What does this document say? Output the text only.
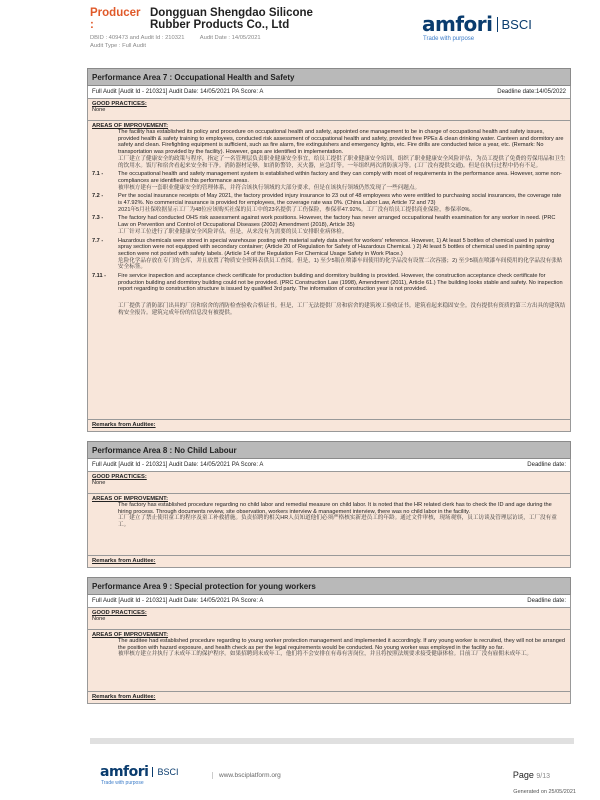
Producer :
Dongguan Shengdao Silicone
Rubber Products Co., Ltd
DBID : 409473 and Audit Id : 210321	Audit Date : 14/05/2021
Audit Type : Full Audit
amfori BSCI
Trade with purpose
Performance Area 7 : Occupational Health and Safety
Full Audit [Audit Id - 210321] Audit Date: 14/05/2021 PA Score: A	Deadline date:14/05/2022
GOOD PRACTICES:
None
AREAS OF IMPROVEMENT:
The facility has established its policy and procedure on occupational health and safety, appointed one management to be in charge of occupational health and safety issues, provided health & safety training to employees, conducted risk assessment of occupational health and safety, provided free PPEs & clean drinking water. Canteen and dormitory are safety and clean. Firefighting equipment is sufficient, such as fire alarm, fire extinguishers and emergency lights, etc. Fire drills are conducted twice a year, etc. (Remark: No transportation was provided by the facility). However, gaps are identified in implementation.
工厂建立了健康安全的政策与程序，指定了一名管理层负责职业健康安全事宜，给员工提供了职业健康安全培训，组织了职业健康安全风险评估，为员工提供了免费的劳保用品和卫生的饮用水。饭厅和宿舍看起来安全和干净。消防器材足够，如消防警铃，灭火器，应急灯等。一年组织两次消防演习等。(工厂没有提供交通)。但是在执行过程中仍有不足。
7.1 -	The occupational health and safety management system is established within factory and they can comply with most of requirements in the performance area. However, some non-compliances are identified in this performance areas.
被审核方建有一套职业健康安全的管理体系，并符合该执行领域的大部分要求，但是在该执行领域仍然发现了一些问题点。
7.2 -	Per the social insurance receipts of May 2021, the factory provided injury insurance to 23 out of 48 employees who were entitled to purchasing social insurances, the coverage rate is 47.92%. No commercial insurance is provided for employees, the coverage rate was 0%. (China Labor Law, Article 72 and 73)
2021年5月社保收据显示工厂为48位应该购买社保的员工中的23名提供了工伤保险，参保率47.92%。工厂没有给员工提供商业保险，参保率0%。
7.3 -	The factory had conducted OHS risk assessment against work positions. However, the factory has never arranged occupational health examination for any worker in need. (PRC Law on Prevention and Control of Occupational Diseases (2002) Amendment (2018), Article 35)
工厂针对工位进行了职业健康安全风险评估。但是，从来没有为需要的员工安排职业病体检。
7.7 -	Hazardous chemicals were stored in special warehouse posting with material safety data sheet for workers' reference. However, 1) At least 5 bottles of chemical used in painting spray section were not equipped with secondary container; (Article 20 of Regulation for Safety of Hazardous Chemical. ) 2) At least 5 bottles of chemical used in painting spray section were not posted with safety labels. (Article 14 of the Regulation For Chemical Usage Safety in Work Place.)
危险化学品存放在专门的仓库，并且放置了物质安全资料表供员工查阅。但是，1) 至少5瓶在喷漆车间使用的化学品没有设置二次容器；2) 至少5瓶在喷漆车间使用的化学品没有张贴安全标签。
7.11 -	Fire service inspection and acceptance check certificate for production building and dormitory building is provided. However, the construction acceptance check certificate for production building and dormitory building could not be provided. (PRC Construction Law (1998), Amendment (2011), Article 61.) The building looks stable and safety. No inspection report regarding to construction structure is issued by qualified 3rd party. The information of construction year is not provided.
工厂提供了消防部门出具的厂房和宿舍的消防检查验收合格证书。但是，工厂无法提供厂房和宿舍的建筑竣工验收证书。建筑看起来稳固安全。没有提供有资质的第三方出具的建筑结构安全报告。建筑完成年份的信息没有被提供。
Remarks from Auditee:
Performance Area 8 : No Child Labour
Full Audit [Audit Id - 210321] Audit Date: 14/05/2021 PA Score: A	Deadline date:
GOOD PRACTICES:
None
AREAS OF IMPROVEMENT:
The factory has established procedure regarding no child labor and remedial measure on child labor. It is noted that the HR related clerk has to check the ID and age during the hiring process. Through documents review, site observation, workers interview & management interview, there was no child labor in the facility.
工厂建立了禁止使用童工的程序及童工补救措施。负责招聘的相关HR人员知道他们必须严格核实新进员工的年龄。通过文件审核，现场观察，员工访谈及管理层访谈，工厂没有童工。
Remarks from Auditee:
Performance Area 9 : Special protection for young workers
Full Audit [Audit Id - 210321] Audit Date: 14/05/2021 PA Score: A	Deadline date:
GOOD PRACTICES:
None
AREAS OF IMPROVEMENT:
The auditee had established procedure regarding to young worker protection management and implemented it accordingly. If any young worker is recruited, they will not be arranged the position with hazard exposure, and health check as per the legal requirements would be conducted. No young worker was employed in the facility so far.
被审核方建立并执行了未成年工的保护程序。如果招聘到未成年工，他们将不会安排在有毒有害岗位，并且将按照法规要求接受健康体检。目前工厂没有雇佣未成年工。
Remarks from Auditee:
amfori	BSCI
Trade with purpose
www.bsciplatform.org	Page 9/13
Generated on 25/05/2021
